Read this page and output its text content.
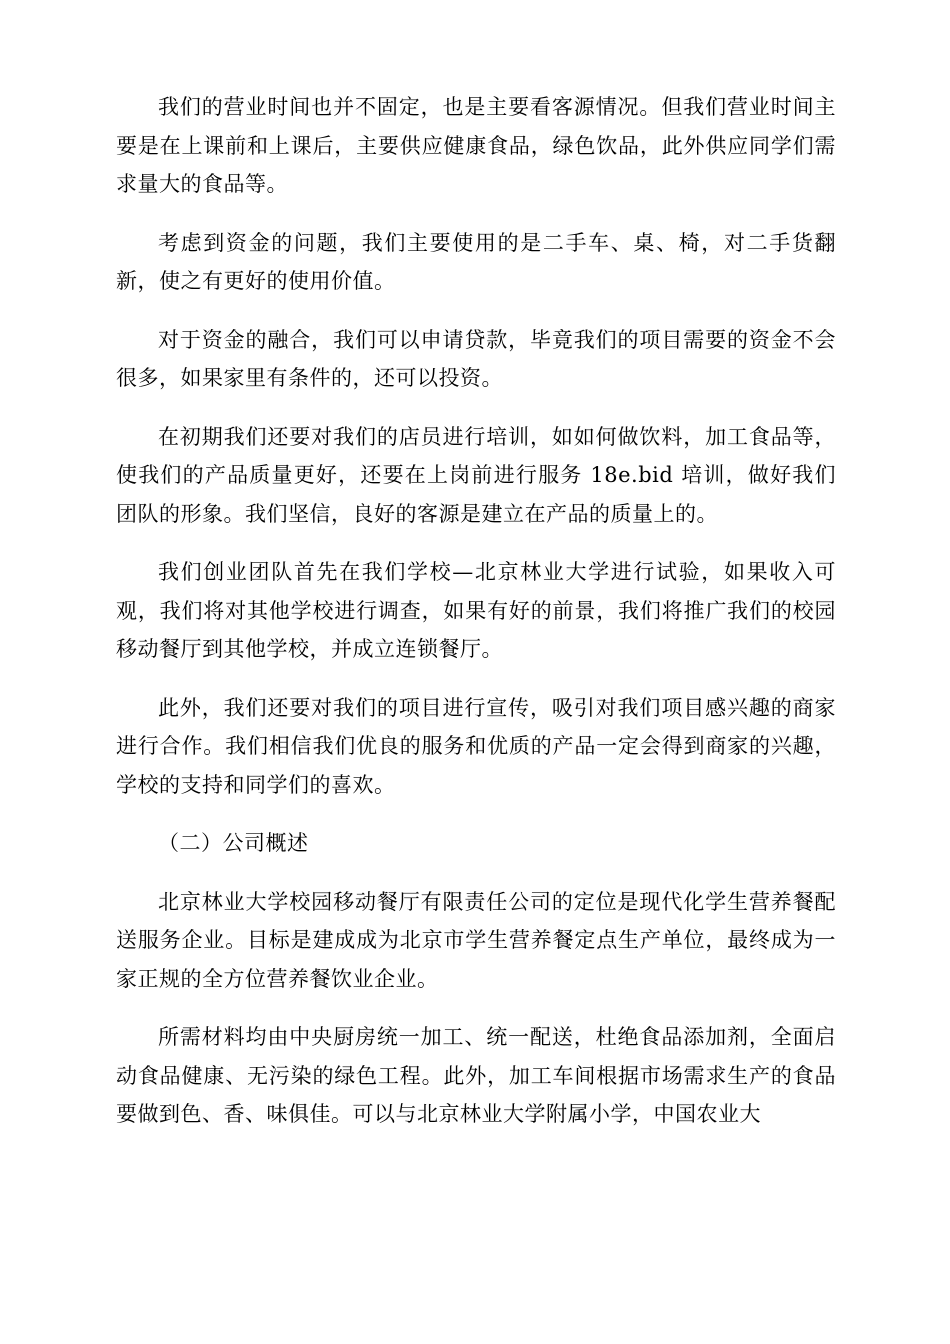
我们的营业时间也并不固定，也是主要看客源情况。但我们营业时间主要是在上课前和上课后，主要供应健康食品，绿色饮品，此外供应同学们需求量大的食品等。

考虑到资金的问题，我们主要使用的是二手车、桌、椅，对二手货翻新，使之有更好的使用价值。

对于资金的融合，我们可以申请贷款，毕竟我们的项目需要的资金不会很多，如果家里有条件的，还可以投资。

在初期我们还要对我们的店员进行培训，如如何做饮料，加工食品等，使我们的产品质量更好，还要在上岗前进行服务 18e.bid 培训，做好我们团队的形象。我们坚信，良好的客源是建立在产品的质量上的。

我们创业团队首先在我们学校—北京林业大学进行试验，如果收入可观，我们将对其他学校进行调查，如果有好的前景，我们将推广我们的校园移动餐厅到其他学校，并成立连锁餐厅。

此外，我们还要对我们的项目进行宣传，吸引对我们项目感兴趣的商家进行合作。我们相信我们优良的服务和优质的产品一定会得到商家的兴趣，学校的支持和同学们的喜欢。

（二）公司概述

北京林业大学校园移动餐厅有限责任公司的定位是现代化学生营养餐配送服务企业。目标是建成成为北京市学生营养餐定点生产单位，最终成为一家正规的全方位营养餐饮业企业。

所需材料均由中央厨房统一加工、统一配送，杜绝食品添加剂，全面启动食品健康、无污染的绿色工程。此外，加工车间根据市场需求生产的食品要做到色、香、味俱佳。可以与北京林业大学附属小学，中国农业大
